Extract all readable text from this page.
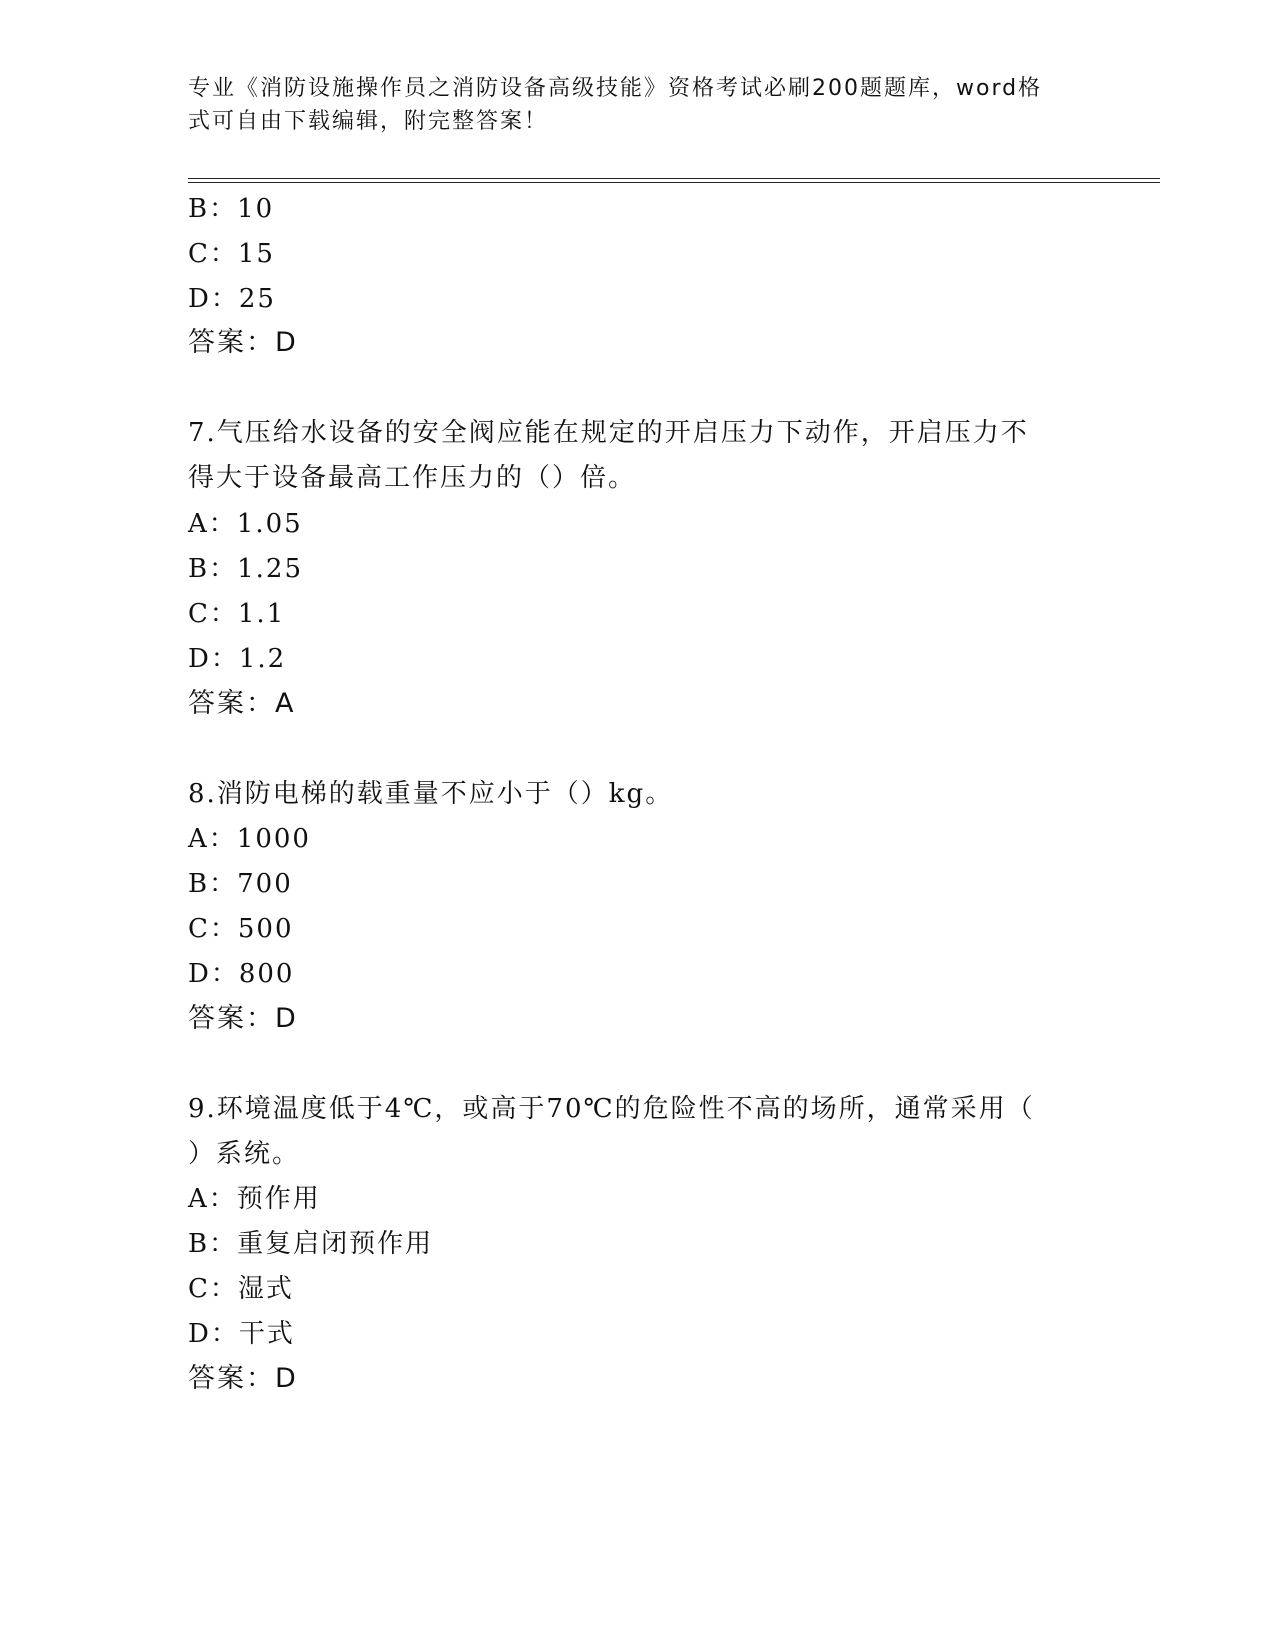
专业《消防设施操作员之消防设备高级技能》资格考试必刷200题题库，word格
式可自由下载编辑，附完整答案！
B：10
C：15
D：25
答案：D
7.气压给水设备的安全阀应能在规定的开启压力下动作，开启压力不
得大于设备最高工作压力的（）倍。
A：1.05
B：1.25
C：1.1
D：1.2
答案：A
8.消防电梯的载重量不应小于（）kg。
A：1000
B：700
C：500
D：800
答案：D
9.环境温度低于4℃，或高于70℃的危险性不高的场所，通常采用（
）系统。
A：预作用
B：重复启闭预作用
C：湿式
D：干式
答案：D
